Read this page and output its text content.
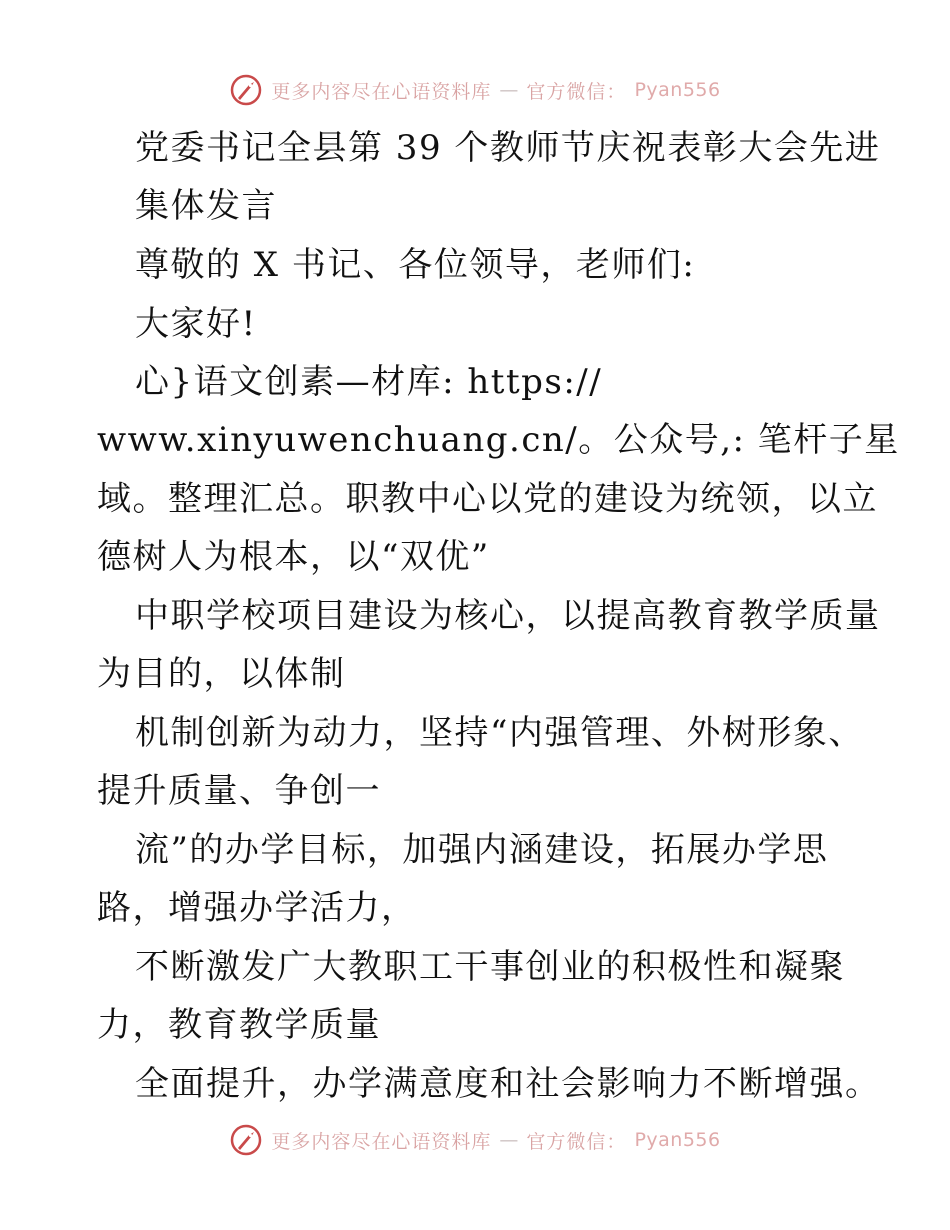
更多内容尽在心语资料库 — 官方微信： Pyan556
党委书记全县第 39 个教师节庆祝表彰大会先进
集体发言
尊敬的 X 书记、各位领导，老师们:
大家好!
心}语文创素—材库: https://
www.xinyuwenchuang.cn/。公众号,: 笔杆子星
域。整理汇总。职教中心以党的建设为统领，以立
德树人为根本，以“双优”
中职学校项目建设为核心，以提高教育教学质量
为目的，以体制
机制创新为动力，坚持“内强管理、外树形象、
提升质量、争创一
流”的办学目标，加强内涵建设，拓展办学思
路，增强办学活力，
不断激发广大教职工干事创业的积极性和凝聚
力，教育教学质量
全面提升，办学满意度和社会影响力不断增强。
更多内容尽在心语资料库 — 官方微信： Pyan556
